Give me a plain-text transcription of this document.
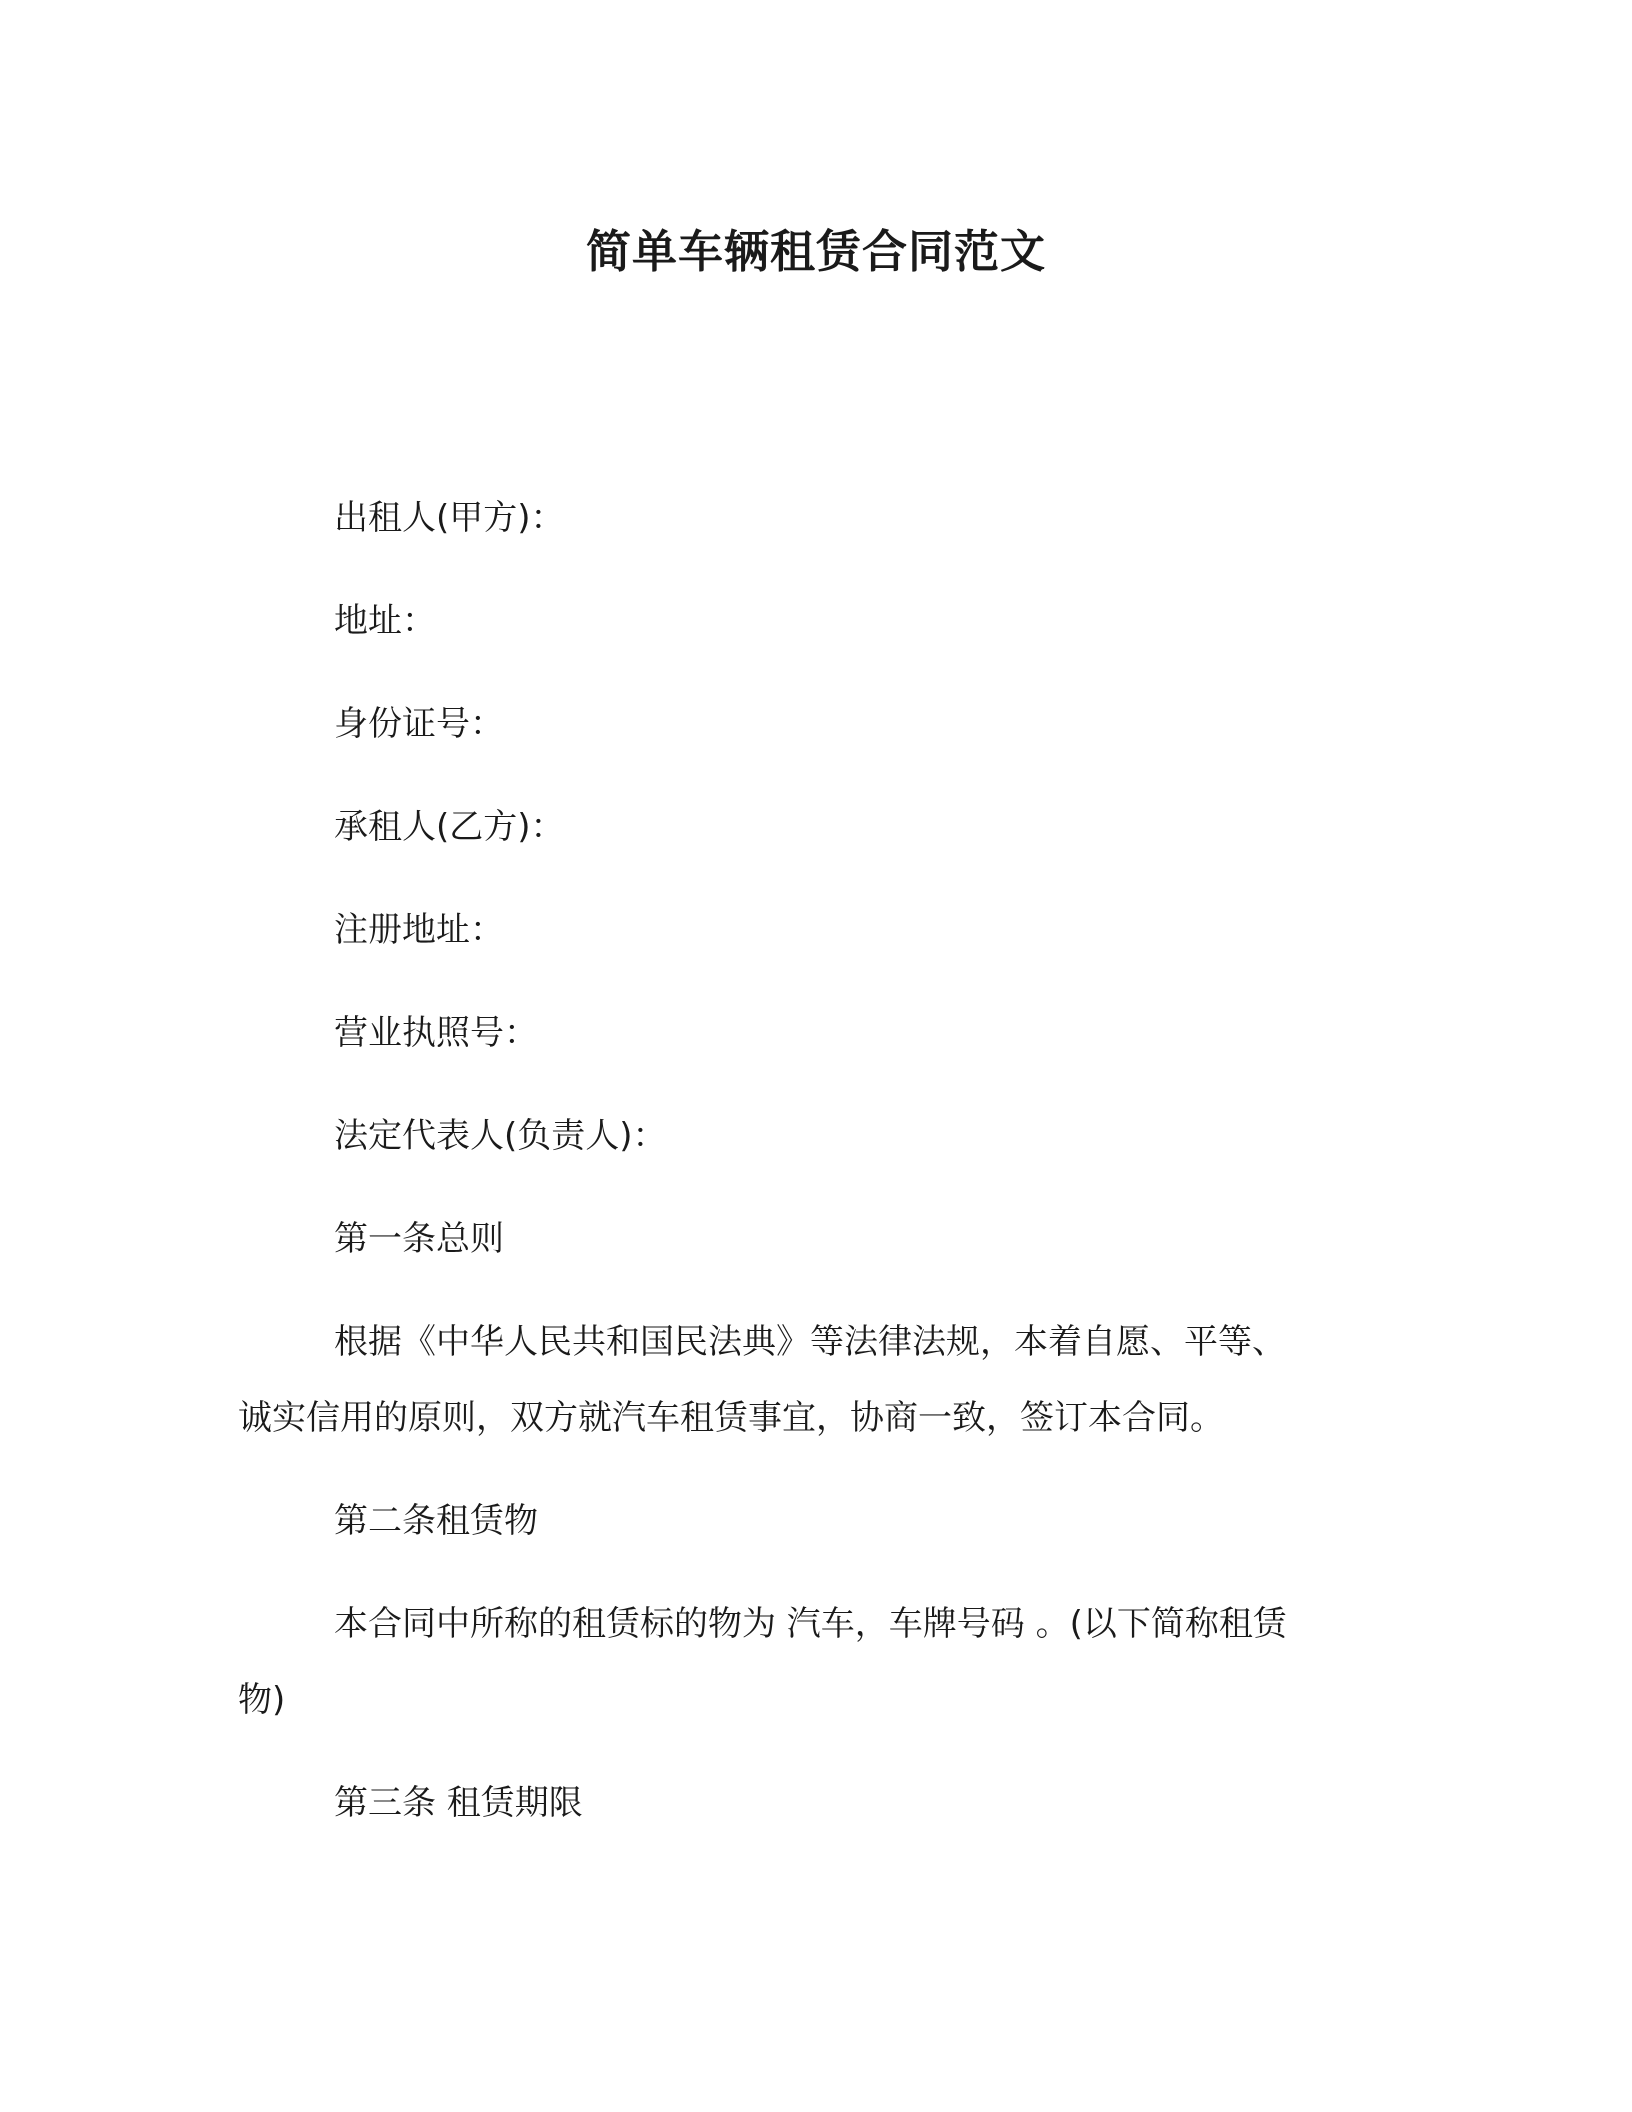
简单车辆租赁合同范文

出租人(甲方)：

地址：

身份证号：

承租人(乙方)：

注册地址：

营业执照号：

法定代表人(负责人)：

第一条总则

根据《中华人民共和国民法典》等法律法规，本着自愿、平等、

诚实信用的原则，双方就汽车租赁事宜，协商一致，签订本合同。

第二条租赁物

本合同中所称的租赁标的物为 汽车，车牌号码 。(以下简称租赁

物)

第三条 租赁期限
